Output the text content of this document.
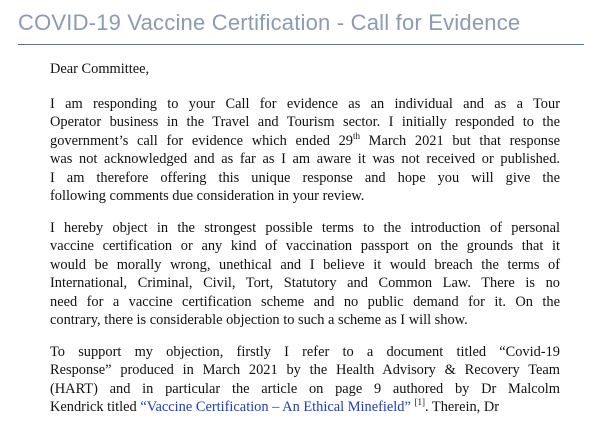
COVID-19 Vaccine Certification - Call for Evidence
Dear Committee,

I am responding to your Call for evidence as an individual and as a Tour
Operator business in the Travel and Tourism sector. I initially responded to the
government’s call for evidence which ended 29th March 2021 but that response
was not acknowledged and as far as I am aware it was not received or published.
I am therefore offering this unique response and hope you will give the
following comments due consideration in your review.

I hereby object in the strongest possible terms to the introduction of personal
vaccine certification or any kind of vaccination passport on the grounds that it
would be morally wrong, unethical and I believe it would breach the terms of
International, Criminal, Civil, Tort, Statutory and Common Law. There is no
need for a vaccine certification scheme and no public demand for it. On the
contrary, there is considerable objection to such a scheme as I will show.

To support my objection, firstly I refer to a document titled “Covid-19
Response” produced in March 2021 by the Health Advisory & Recovery Team
(HART) and in particular the article on page 9 authored by Dr Malcolm
Kendrick titled “Vaccine Certification – An Ethical Minefield” [1]. Therein, Dr
